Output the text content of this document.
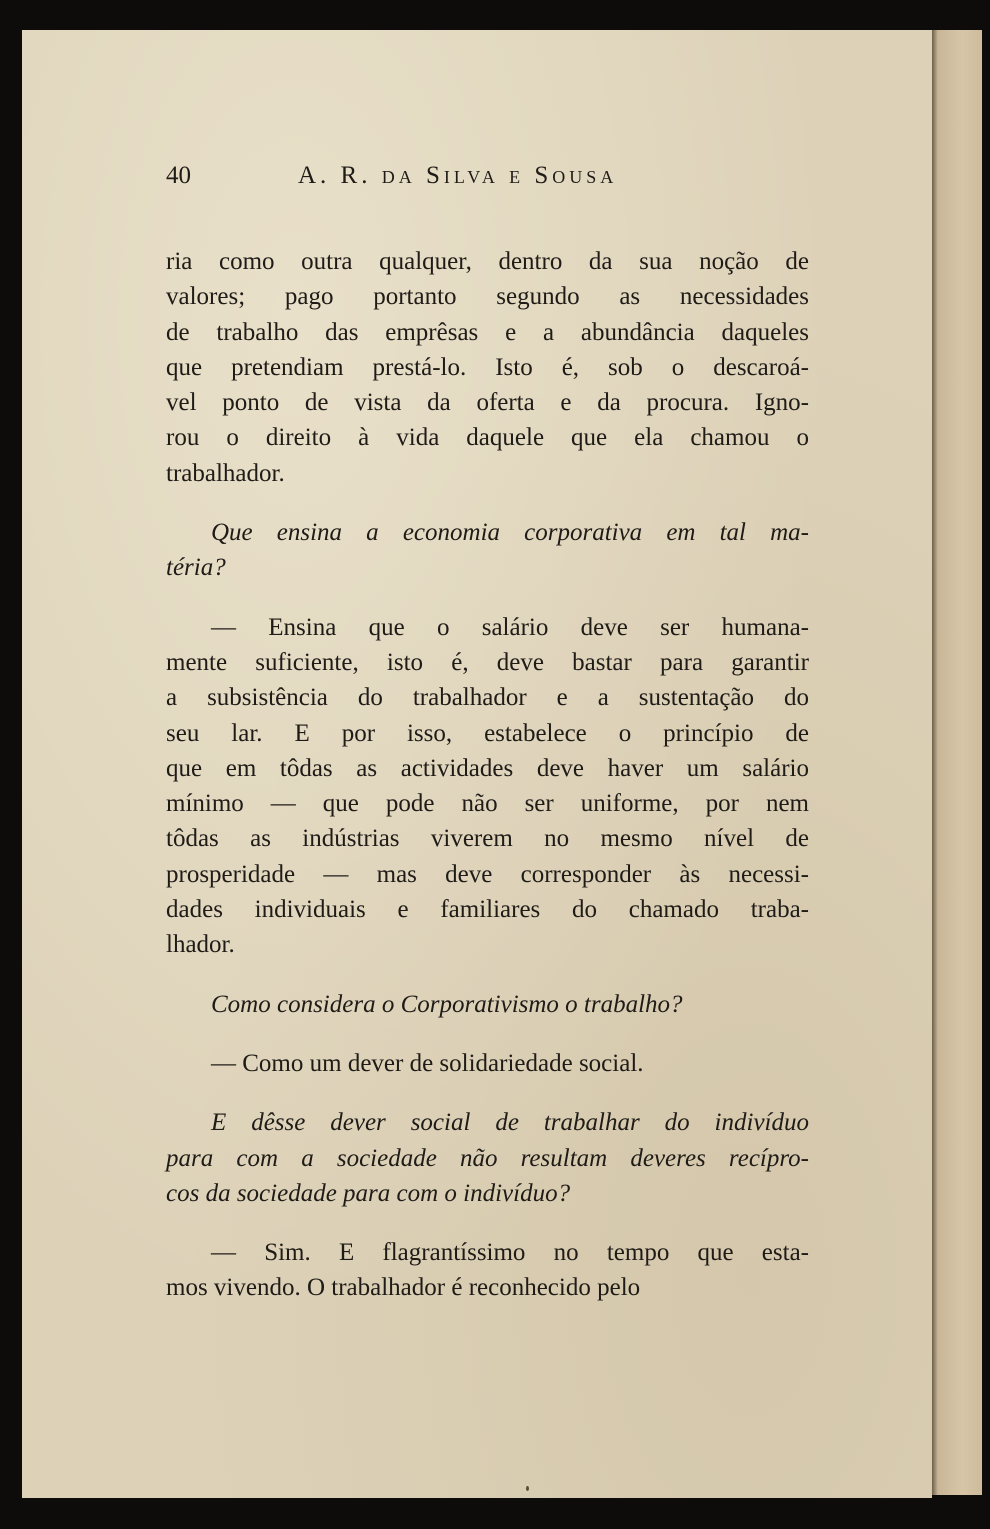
40	A. R. da Silva e Sousa
ria como outra qualquer, dentro da sua noção de
valores; pago portanto segundo as necessidades
de trabalho das emprêsas e a abundância daqueles
que pretendiam prestá-lo. Isto é, sob o descaroá-
vel ponto de vista da oferta e da procura. Igno-
rou o direito à vida daquele que ela chamou o
trabalhador.
Que ensina a economia corporativa em tal ma-
téria?
— Ensina que o salário deve ser humana-
mente suficiente, isto é, deve bastar para garantir
a subsistência do trabalhador e a sustentação do
seu lar. E por isso, estabelece o princípio de
que em tôdas as actividades deve haver um salário
mínimo — que pode não ser uniforme, por nem
tôdas as indústrias viverem no mesmo nível de
prosperidade — mas deve corresponder às necessi-
dades individuais e familiares do chamado traba-
lhador.
Como considera o Corporativismo o trabalho?
— Como um dever de solidariedade social.
E dêsse dever social de trabalhar do indivíduo
para com a sociedade não resultam deveres recípro-
cos da sociedade para com o indivíduo?
— Sim. E flagrantíssimo no tempo que esta-
mos vivendo. O trabalhador é reconhecido pelo
